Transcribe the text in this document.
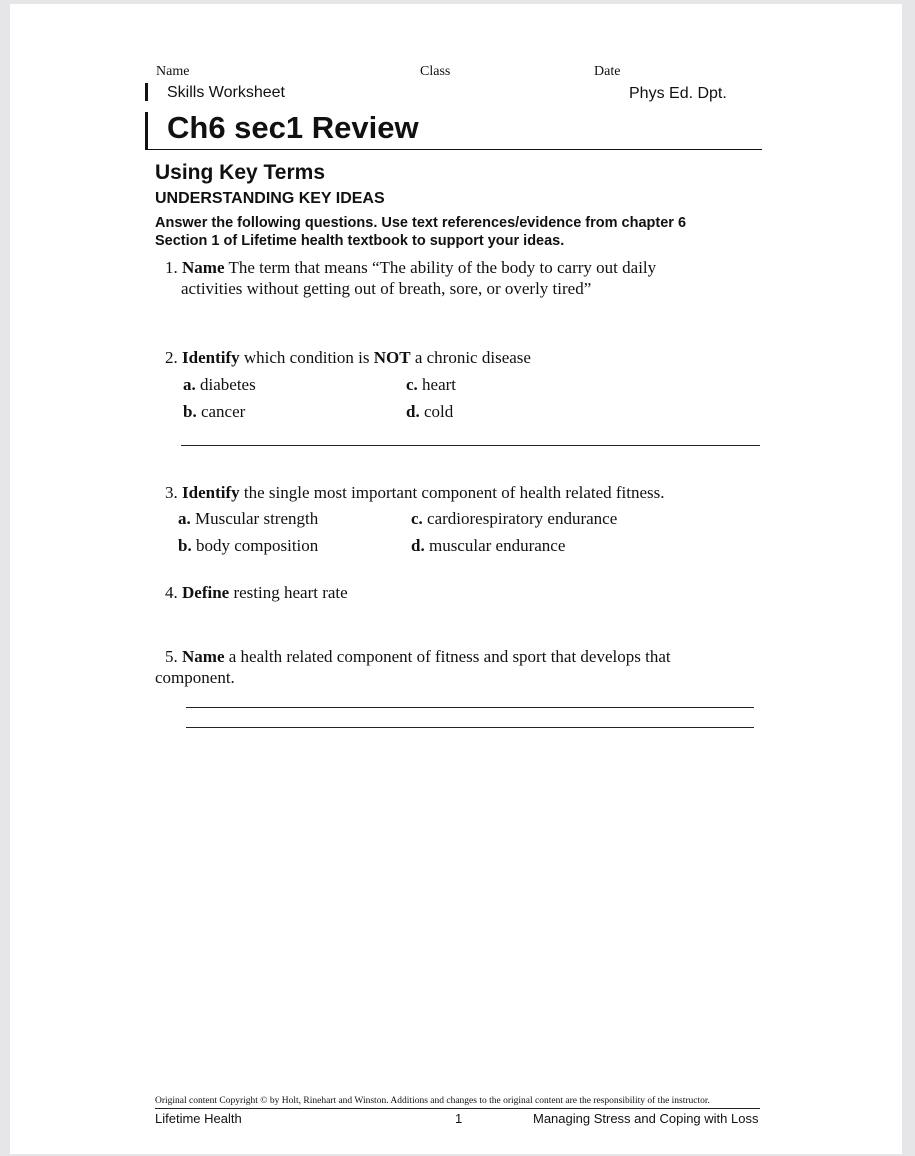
Name	Class	Date
Skills Worksheet	Phys Ed. Dpt.
Ch6 sec1 Review
Using Key Terms
UNDERSTANDING KEY IDEAS
Answer the following questions. Use text references/evidence from chapter 6
Section 1 of Lifetime health textbook to support your ideas.
1. Name The term that means “The ability of the body to carry out daily
activities without getting out of breath, sore, or overly tired”
2. Identify which condition is NOT a chronic disease
a. diabetes
b. cancer
c. heart
d. cold
3. Identify the single most important component of health related fitness.
a. Muscular strength
b. body composition
c. cardiorespiratory endurance
d. muscular endurance
4. Define resting heart rate
5. Name a health related component of fitness and sport that develops that
component.
Original content Copyright © by Holt, Rinehart and Winston. Additions and changes to the original content are the responsibility of the instructor.
Lifetime Health	1	Managing Stress and Coping with Loss
